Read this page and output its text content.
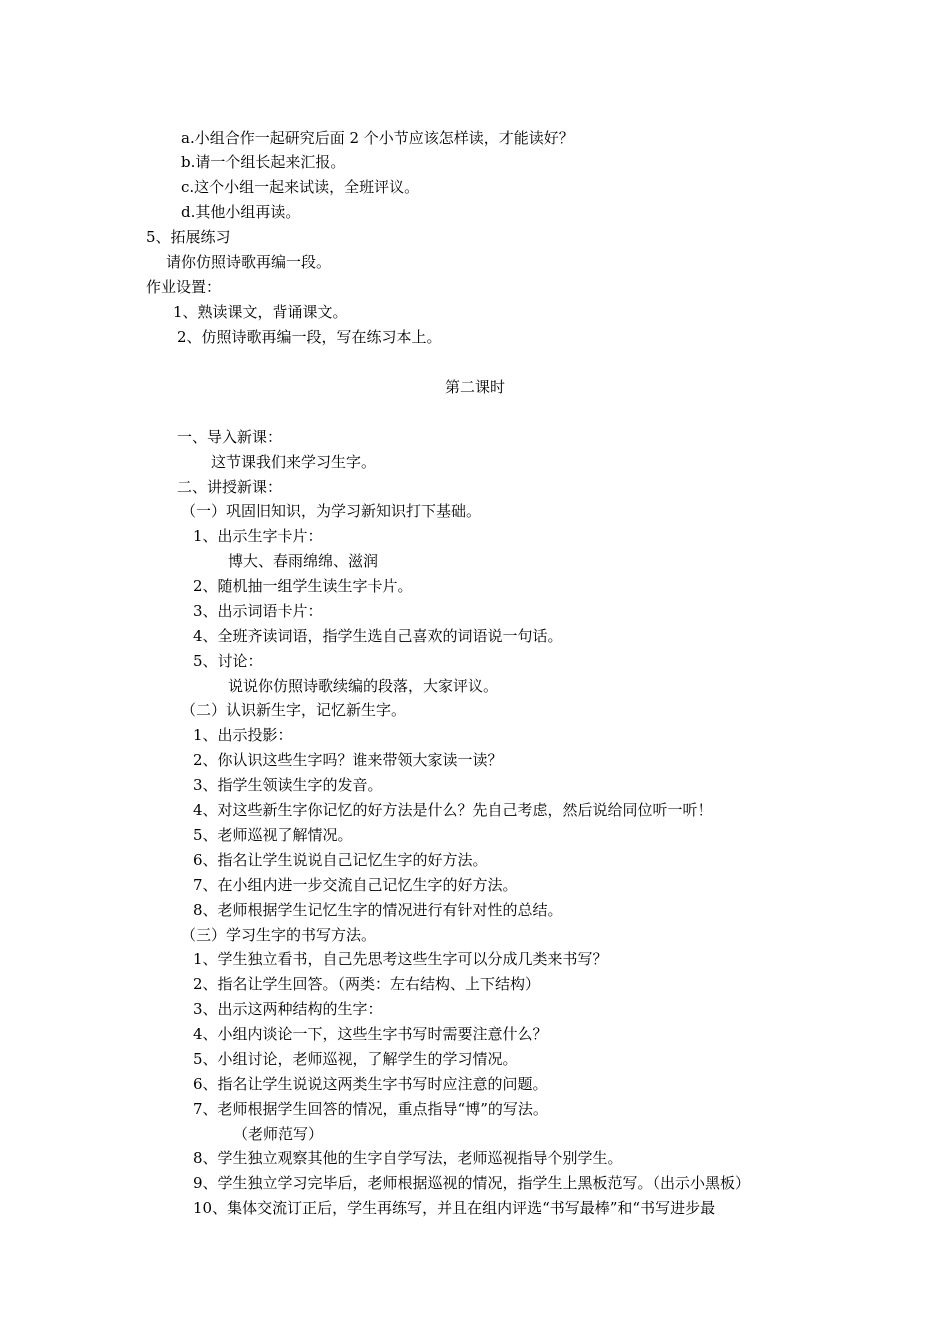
a.小组合作一起研究后面 2 个小节应该怎样读，才能读好？
b.请一个组长起来汇报。
c.这个小组一起来试读，全班评议。
d.其他小组再读。
5、拓展练习
请你仿照诗歌再编一段。
作业设置：
1、熟读课文，背诵课文。
2、仿照诗歌再编一段，写在练习本上。
第二课时
一、导入新课：
这节课我们来学习生字。
二、讲授新课：
（一）巩固旧知识，为学习新知识打下基础。
1、出示生字卡片：
博大、春雨绵绵、滋润
2、随机抽一组学生读生字卡片。
3、出示词语卡片：
4、全班齐读词语，指学生选自己喜欢的词语说一句话。
5、讨论：
说说你仿照诗歌续编的段落，大家评议。
（二）认识新生字，记忆新生字。
1、出示投影：
2、你认识这些生字吗？谁来带领大家读一读？
3、指学生领读生字的发音。
4、对这些新生字你记忆的好方法是什么？先自己考虑，然后说给同位听一听！
5、老师巡视了解情况。
6、指名让学生说说自己记忆生字的好方法。
7、在小组内进一步交流自己记忆生字的好方法。
8、老师根据学生记忆生字的情况进行有针对性的总结。
（三）学习生字的书写方法。
1、学生独立看书，自己先思考这些生字可以分成几类来书写？
2、指名让学生回答。（两类：左右结构、上下结构）
3、出示这两种结构的生字：
4、小组内谈论一下，这些生字书写时需要注意什么？
5、小组讨论，老师巡视，了解学生的学习情况。
6、指名让学生说说这两类生字书写时应注意的问题。
7、老师根据学生回答的情况，重点指导“博”的写法。
（老师范写）
8、学生独立观察其他的生字自学写法，老师巡视指导个别学生。
9、学生独立学习完毕后，老师根据巡视的情况，指学生上黑板范写。（出示小黑板）
10、集体交流订正后，学生再练写，并且在组内评选“书写最棒”和“书写进步最
